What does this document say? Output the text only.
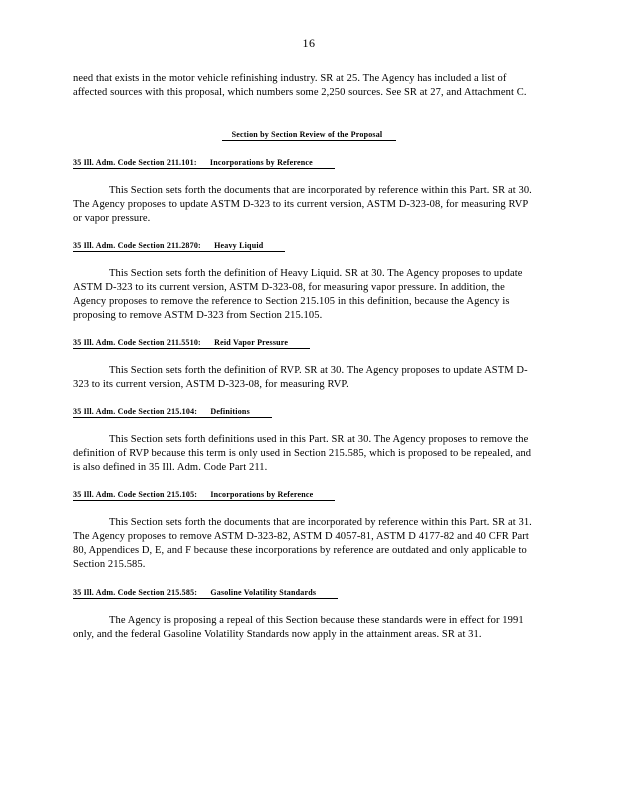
16

need that exists in the motor vehicle refinishing industry. SR at 25. The Agency has included a list of affected sources with this proposal, which numbers some 2,250 sources. See SR at 27, and Attachment C.

Section by Section Review of the Proposal
35 Ill. Adm. Code Section 211.101: Incorporations by Reference

This Section sets forth the documents that are incorporated by reference within this Part. SR at 30. The Agency proposes to update ASTM D-323 to its current version, ASTM D-323-08, for measuring RVP or vapor pressure.

35 Ill. Adm. Code Section 211.2870: Heavy Liquid

This Section sets forth the definition of Heavy Liquid. SR at 30. The Agency proposes to update ASTM D-323 to its current version, ASTM D-323-08, for measuring vapor pressure. In addition, the Agency proposes to remove the reference to Section 215.105 in this definition, because the Agency is proposing to remove ASTM D-323 from Section 215.105.

35 Ill. Adm. Code Section 211.5510: Reid Vapor Pressure

This Section sets forth the definition of RVP. SR at 30. The Agency proposes to update ASTM D-323 to its current version, ASTM D-323-08, for measuring RVP.

35 Ill. Adm. Code Section 215.104: Definitions

This Section sets forth definitions used in this Part. SR at 30. The Agency proposes to remove the definition of RVP because this term is only used in Section 215.585, which is proposed to be repealed, and is also defined in 35 Ill. Adm. Code Part 211.

35 Ill. Adm. Code Section 215.105: Incorporations by Reference

This Section sets forth the documents that are incorporated by reference within this Part. SR at 31. The Agency proposes to remove ASTM D-323-82, ASTM D 4057-81, ASTM D 4177-82 and 40 CFR Part 80, Appendices D, E, and F because these incorporations by reference are outdated and only applicable to Section 215.585.

35 Ill. Adm. Code Section 215.585: Gasoline Volatility Standards

The Agency is proposing a repeal of this Section because these standards were in effect for 1991 only, and the federal Gasoline Volatility Standards now apply in the attainment areas. SR at 31.
